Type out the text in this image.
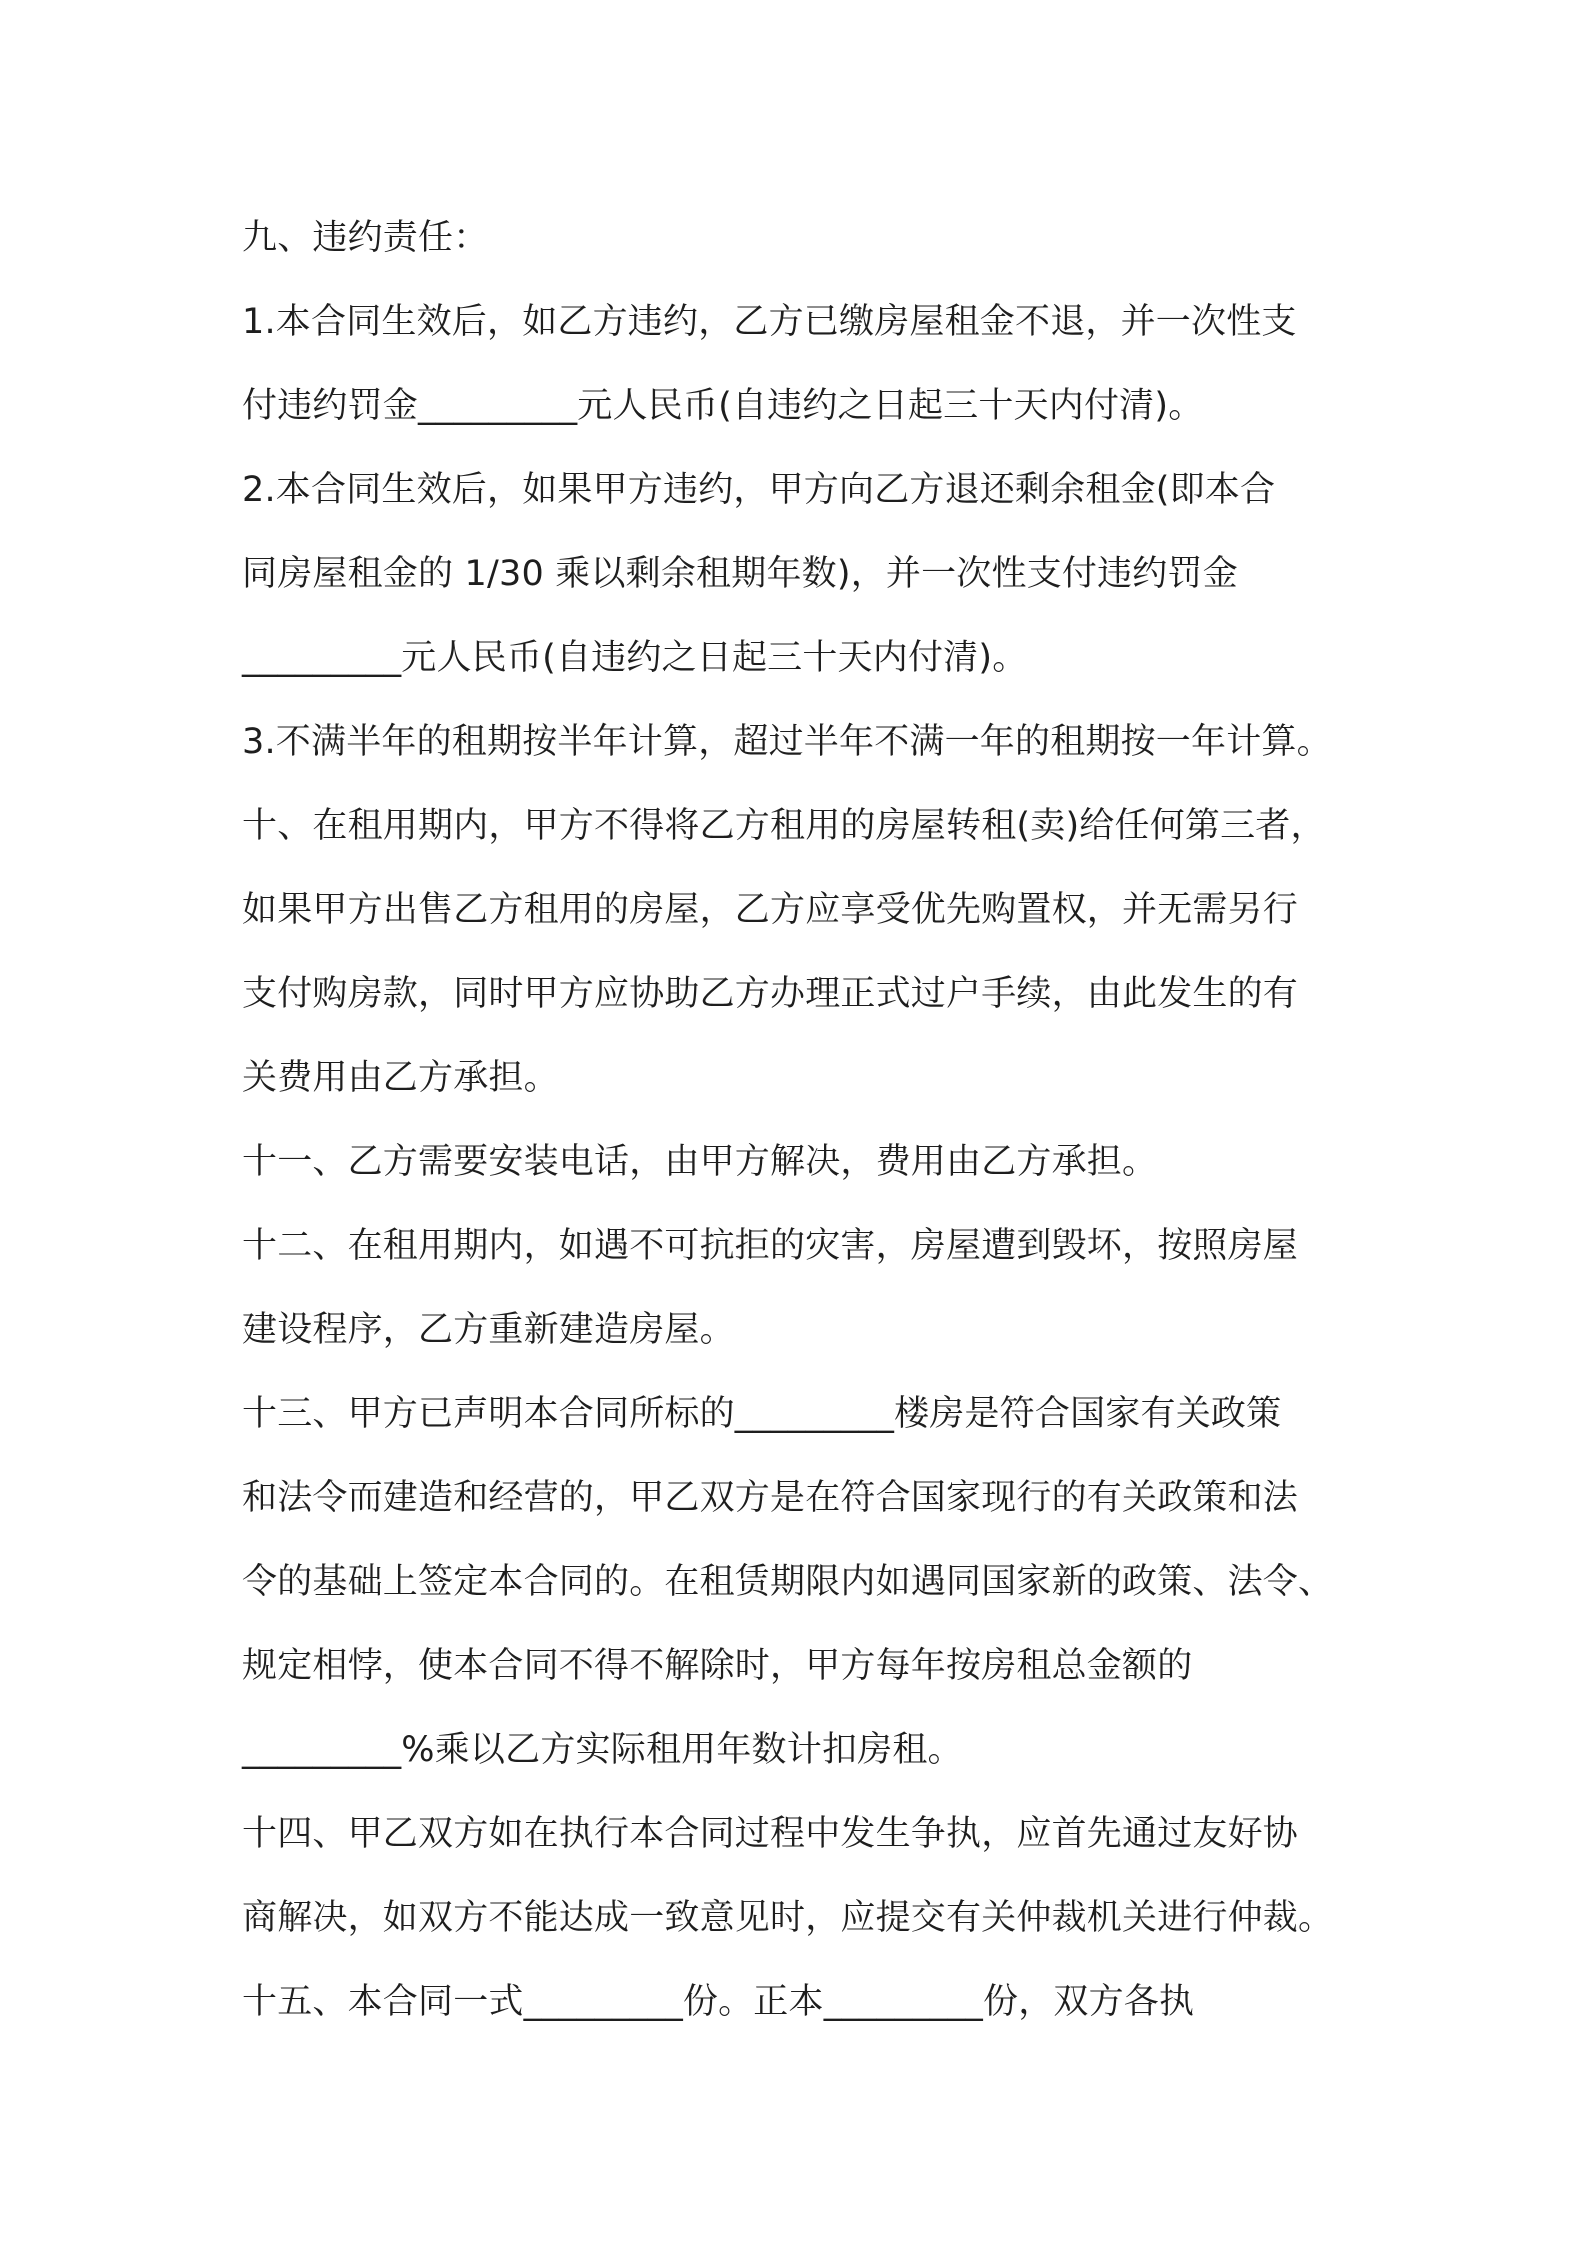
九、违约责任：
1.本合同生效后，如乙方违约，乙方已缴房屋租金不退，并一次性支
付违约罚金_________元人民币(自违约之日起三十天内付清)。
2.本合同生效后，如果甲方违约，甲方向乙方退还剩余租金(即本合
同房屋租金的 1/30 乘以剩余租期年数)，并一次性支付违约罚金
_________元人民币(自违约之日起三十天内付清)。
3.不满半年的租期按半年计算，超过半年不满一年的租期按一年计算。
十、在租用期内，甲方不得将乙方租用的房屋转租(卖)给任何第三者，
如果甲方出售乙方租用的房屋，乙方应享受优先购置权，并无需另行
支付购房款，同时甲方应协助乙方办理正式过户手续，由此发生的有
关费用由乙方承担。
十一、乙方需要安装电话，由甲方解决，费用由乙方承担。
十二、在租用期内，如遇不可抗拒的灾害，房屋遭到毁坏，按照房屋
建设程序，乙方重新建造房屋。
十三、甲方已声明本合同所标的_________楼房是符合国家有关政策
和法令而建造和经营的，甲乙双方是在符合国家现行的有关政策和法
令的基础上签定本合同的。在租赁期限内如遇同国家新的政策、法令、
规定相悖，使本合同不得不解除时，甲方每年按房租总金额的
_________%乘以乙方实际租用年数计扣房租。
十四、甲乙双方如在执行本合同过程中发生争执，应首先通过友好协
商解决，如双方不能达成一致意见时，应提交有关仲裁机关进行仲裁。
十五、本合同一式_________份。正本_________份，双方各执
